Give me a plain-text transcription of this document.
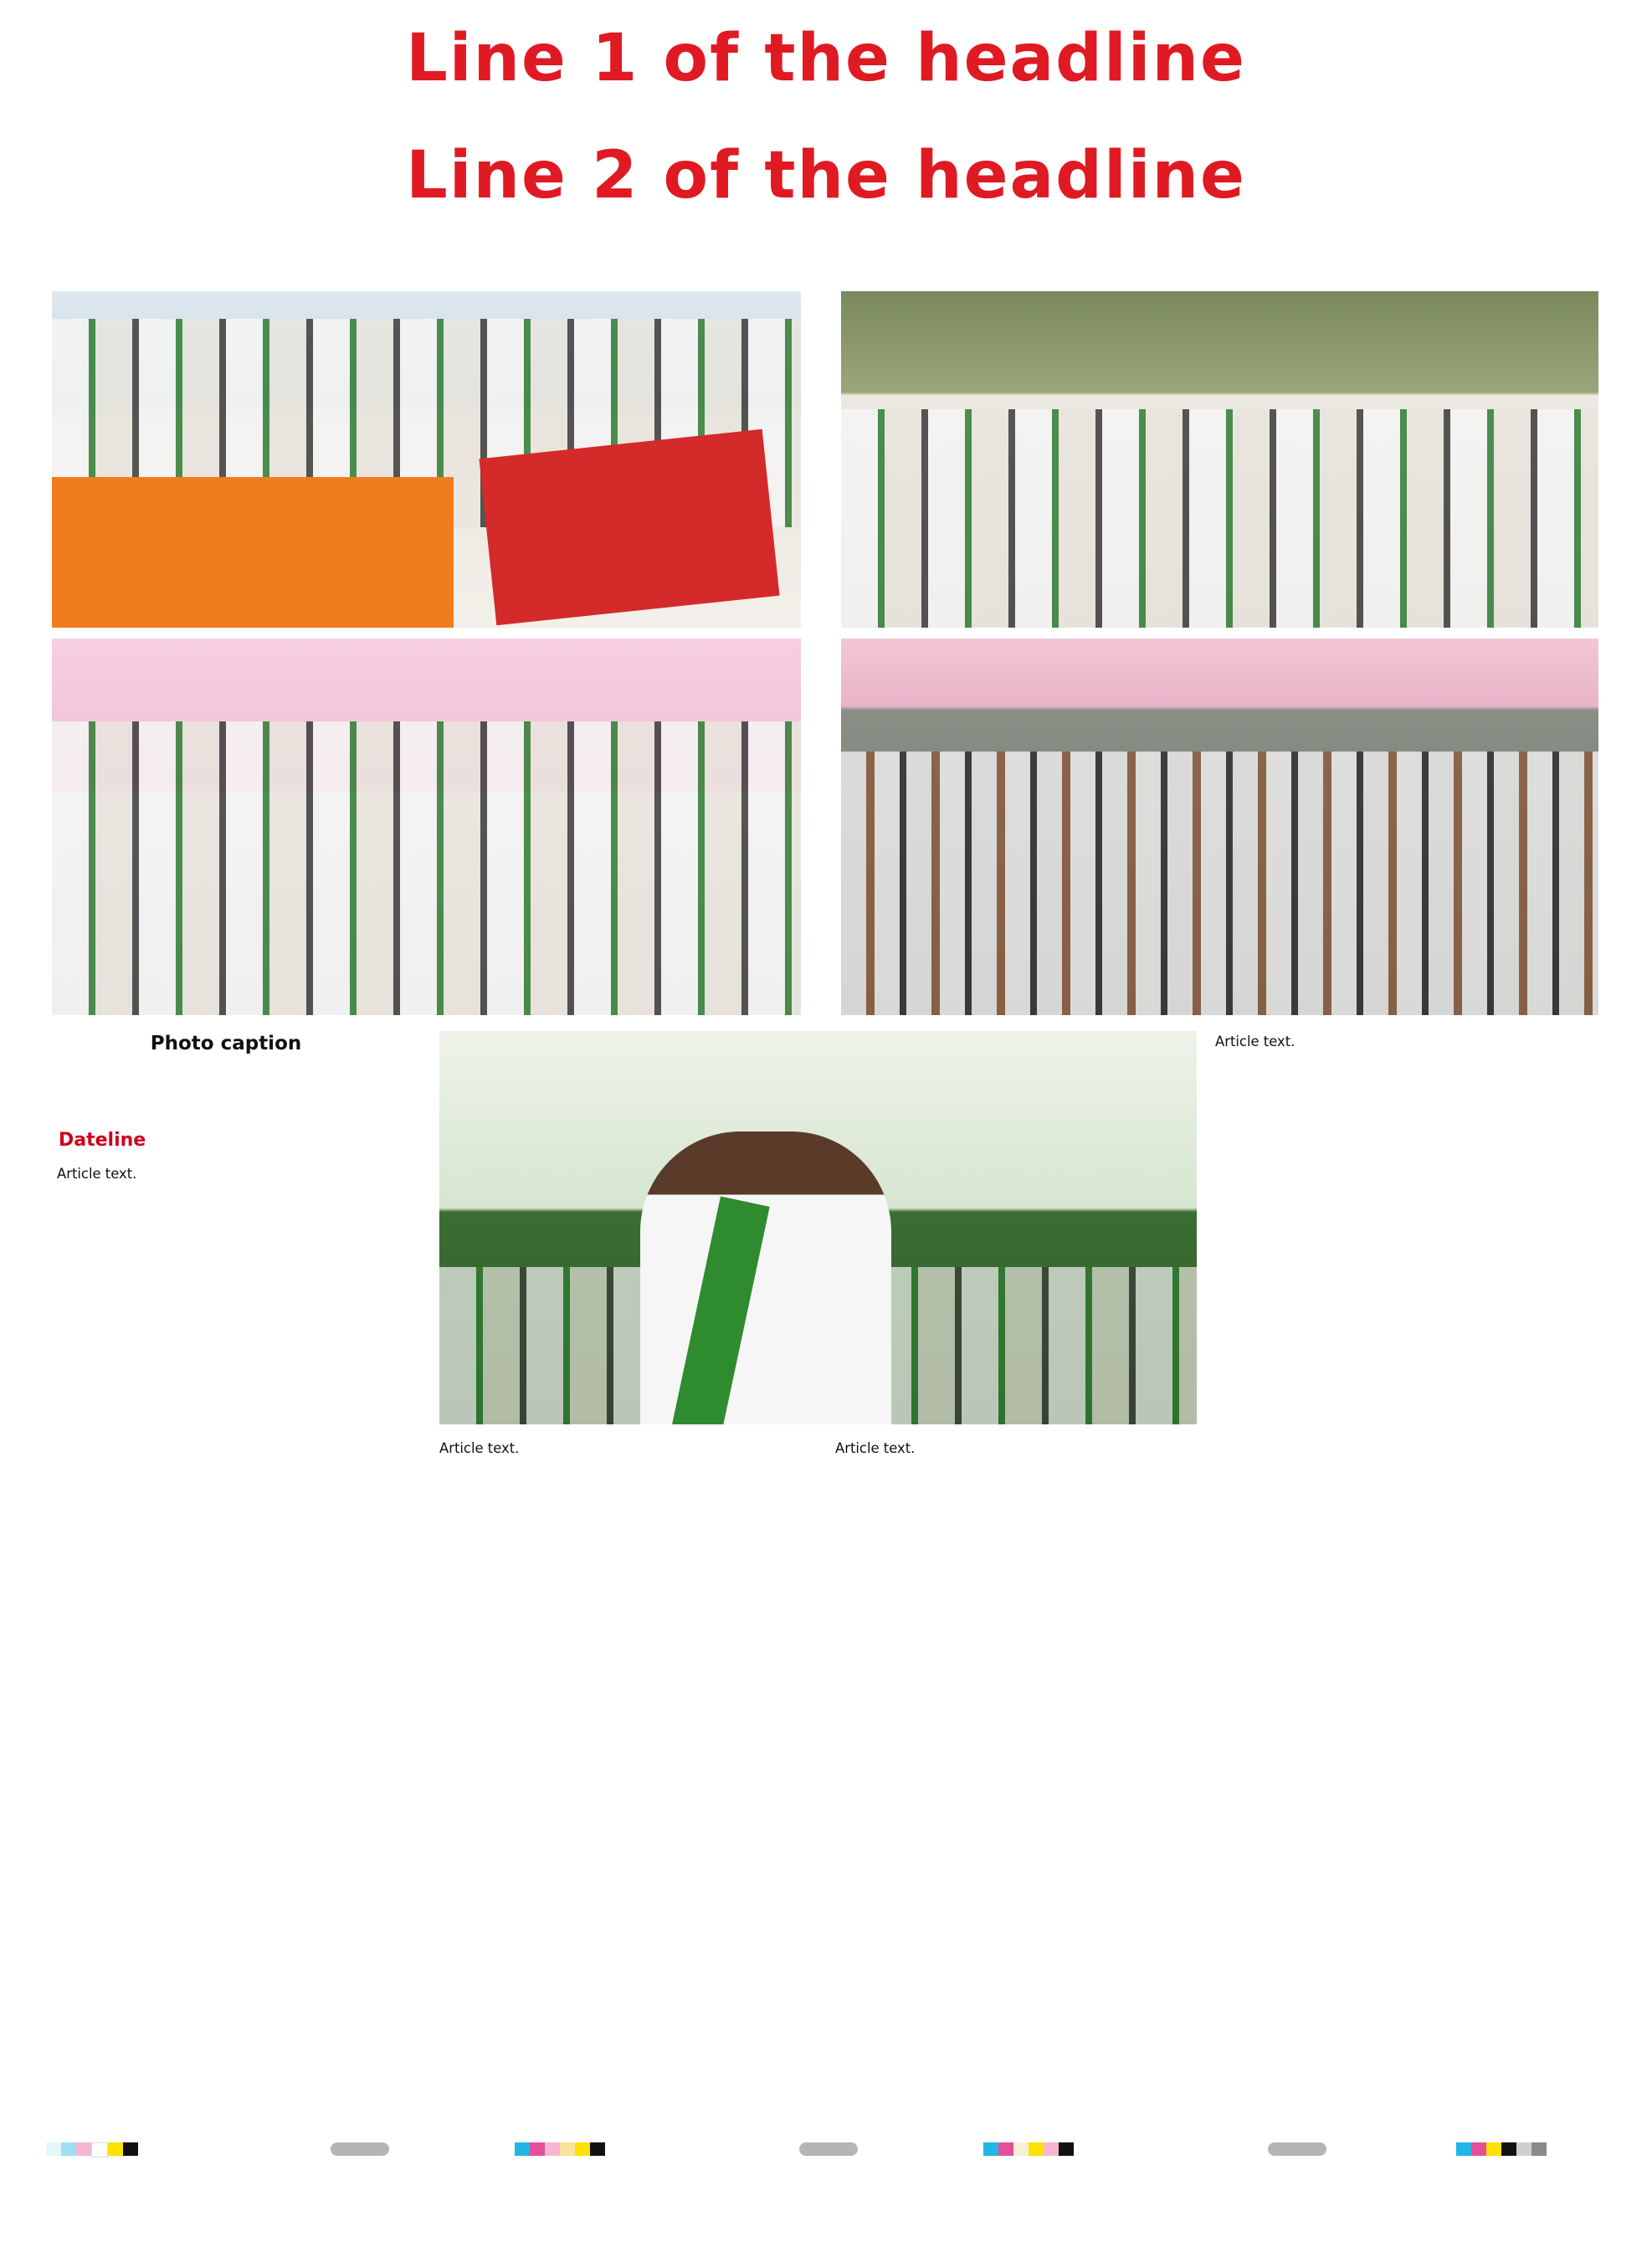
Line 1 of the headline
Line 2 of the headline
Photo caption
Dateline

Article text.

Article text.	Article text.

Article text.
